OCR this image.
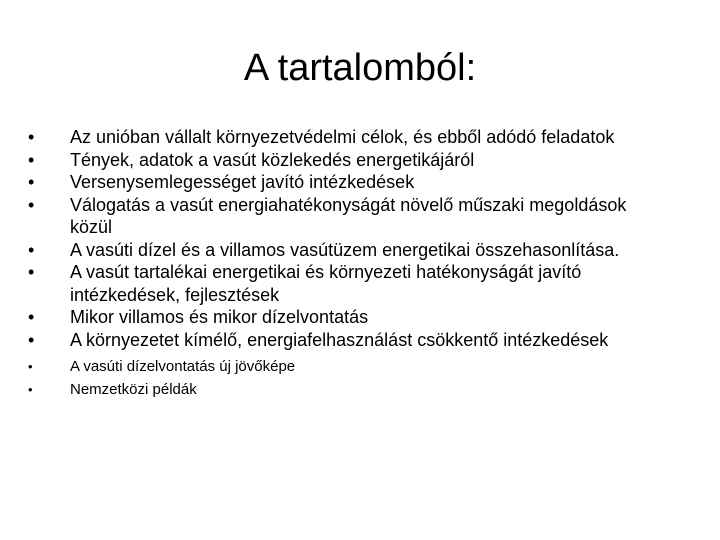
A tartalomból:
•	Az unióban vállalt környezetvédelmi célok, és ebből adódó feladatok
•	Tények, adatok a vasút közlekedés energetikájáról
•	Versenysemlegességet javító intézkedések
•	Válogatás a vasút energiahatékonyságát növelő műszaki megoldások közül
•	A vasúti dízel és a villamos vasútüzem energetikai összehasonlítása.
•	A vasút tartalékai energetikai és környezeti hatékonyságát javító intézkedések, fejlesztések
•	Mikor villamos és mikor dízelvontatás
•	A környezetet kímélő, energiafelhasználást csökkentő intézkedések
•	A vasúti dízelvontatás új jövőképe
•	Nemzetközi példák
